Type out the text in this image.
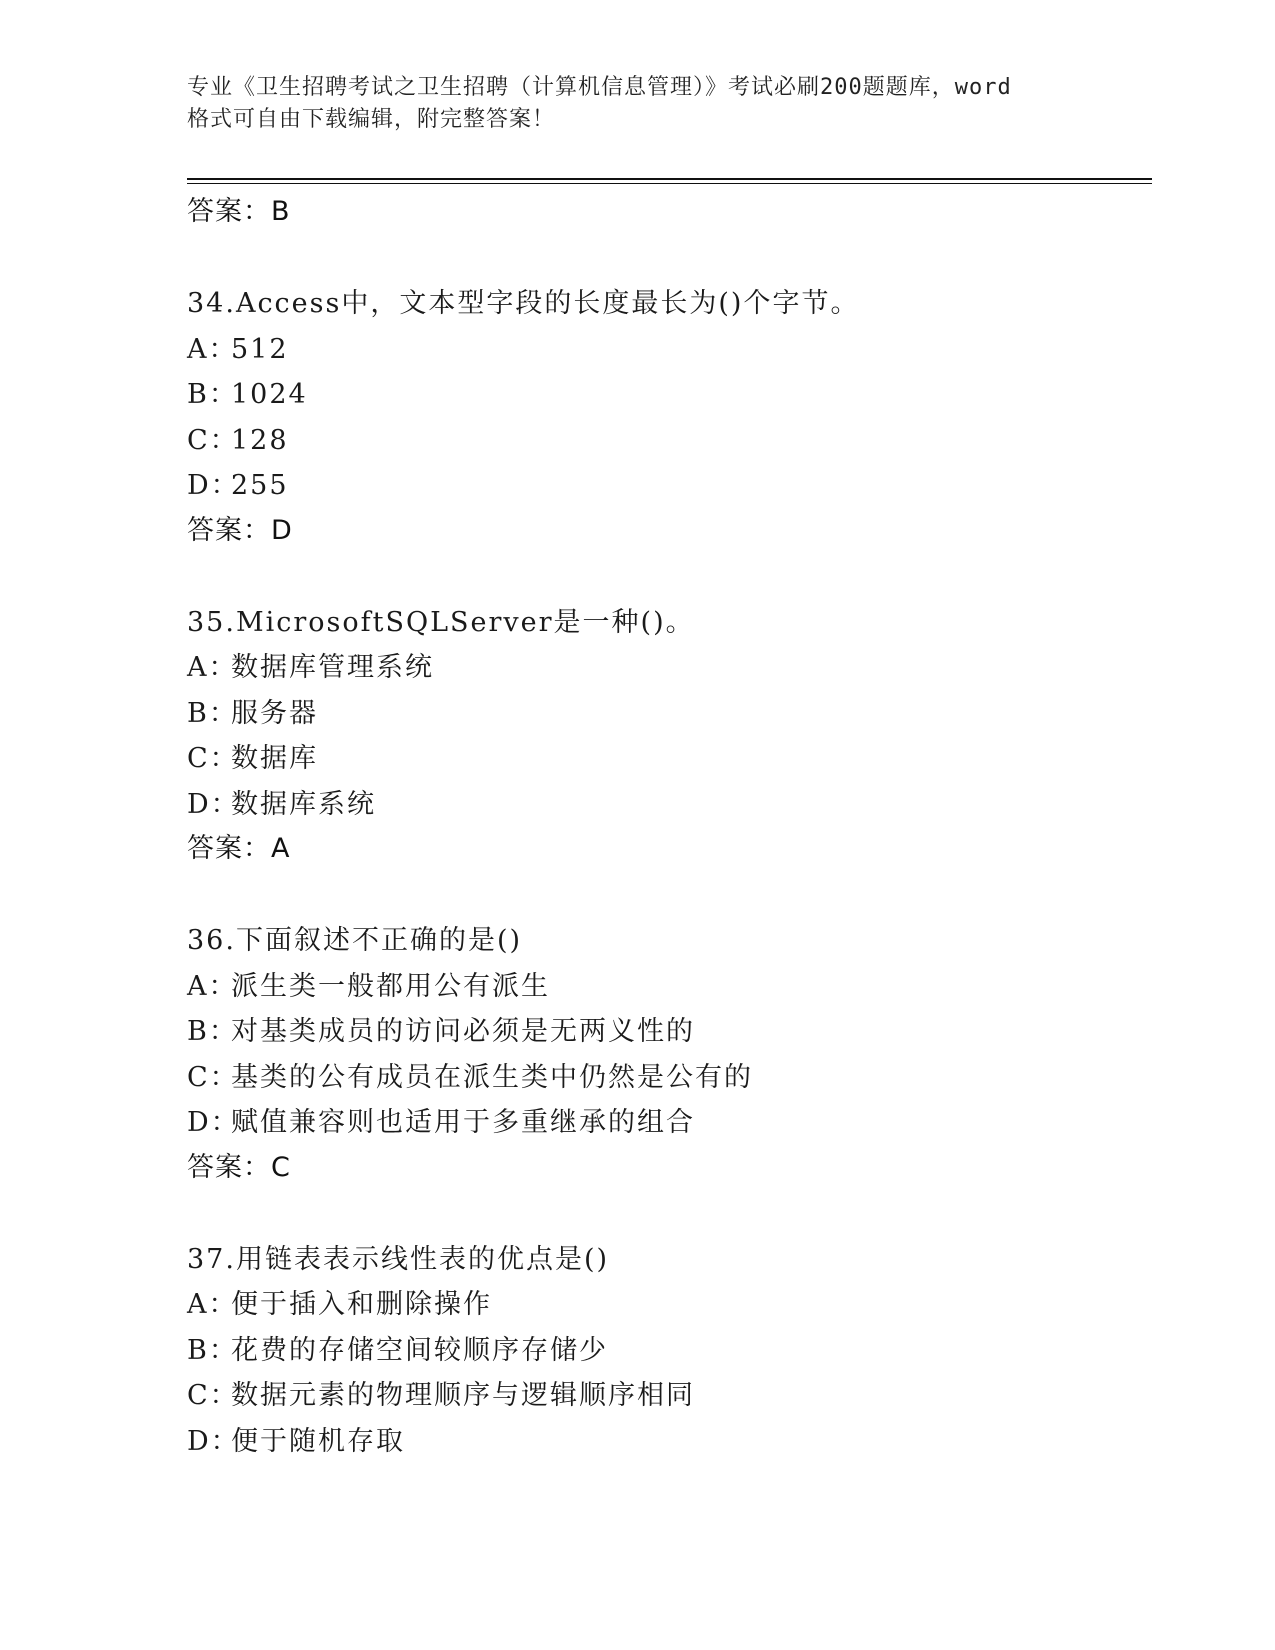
专业《卫生招聘考试之卫生招聘（计算机信息管理）》考试必刷200题题库，word
格式可自由下载编辑，附完整答案！
答案：B
34.Access中，文本型字段的长度最长为()个字节。
A：512
B：1024
C：128
D：255
答案：D
35.MicrosoftSQLServer是一种()。
A：数据库管理系统
B：服务器
C：数据库
D：数据库系统
答案：A
36.下面叙述不正确的是()
A：派生类一般都用公有派生
B：对基类成员的访问必须是无两义性的
C：基类的公有成员在派生类中仍然是公有的
D：赋值兼容则也适用于多重继承的组合
答案：C
37.用链表表示线性表的优点是()
A：便于插入和删除操作
B：花费的存储空间较顺序存储少
C：数据元素的物理顺序与逻辑顺序相同
D：便于随机存取
